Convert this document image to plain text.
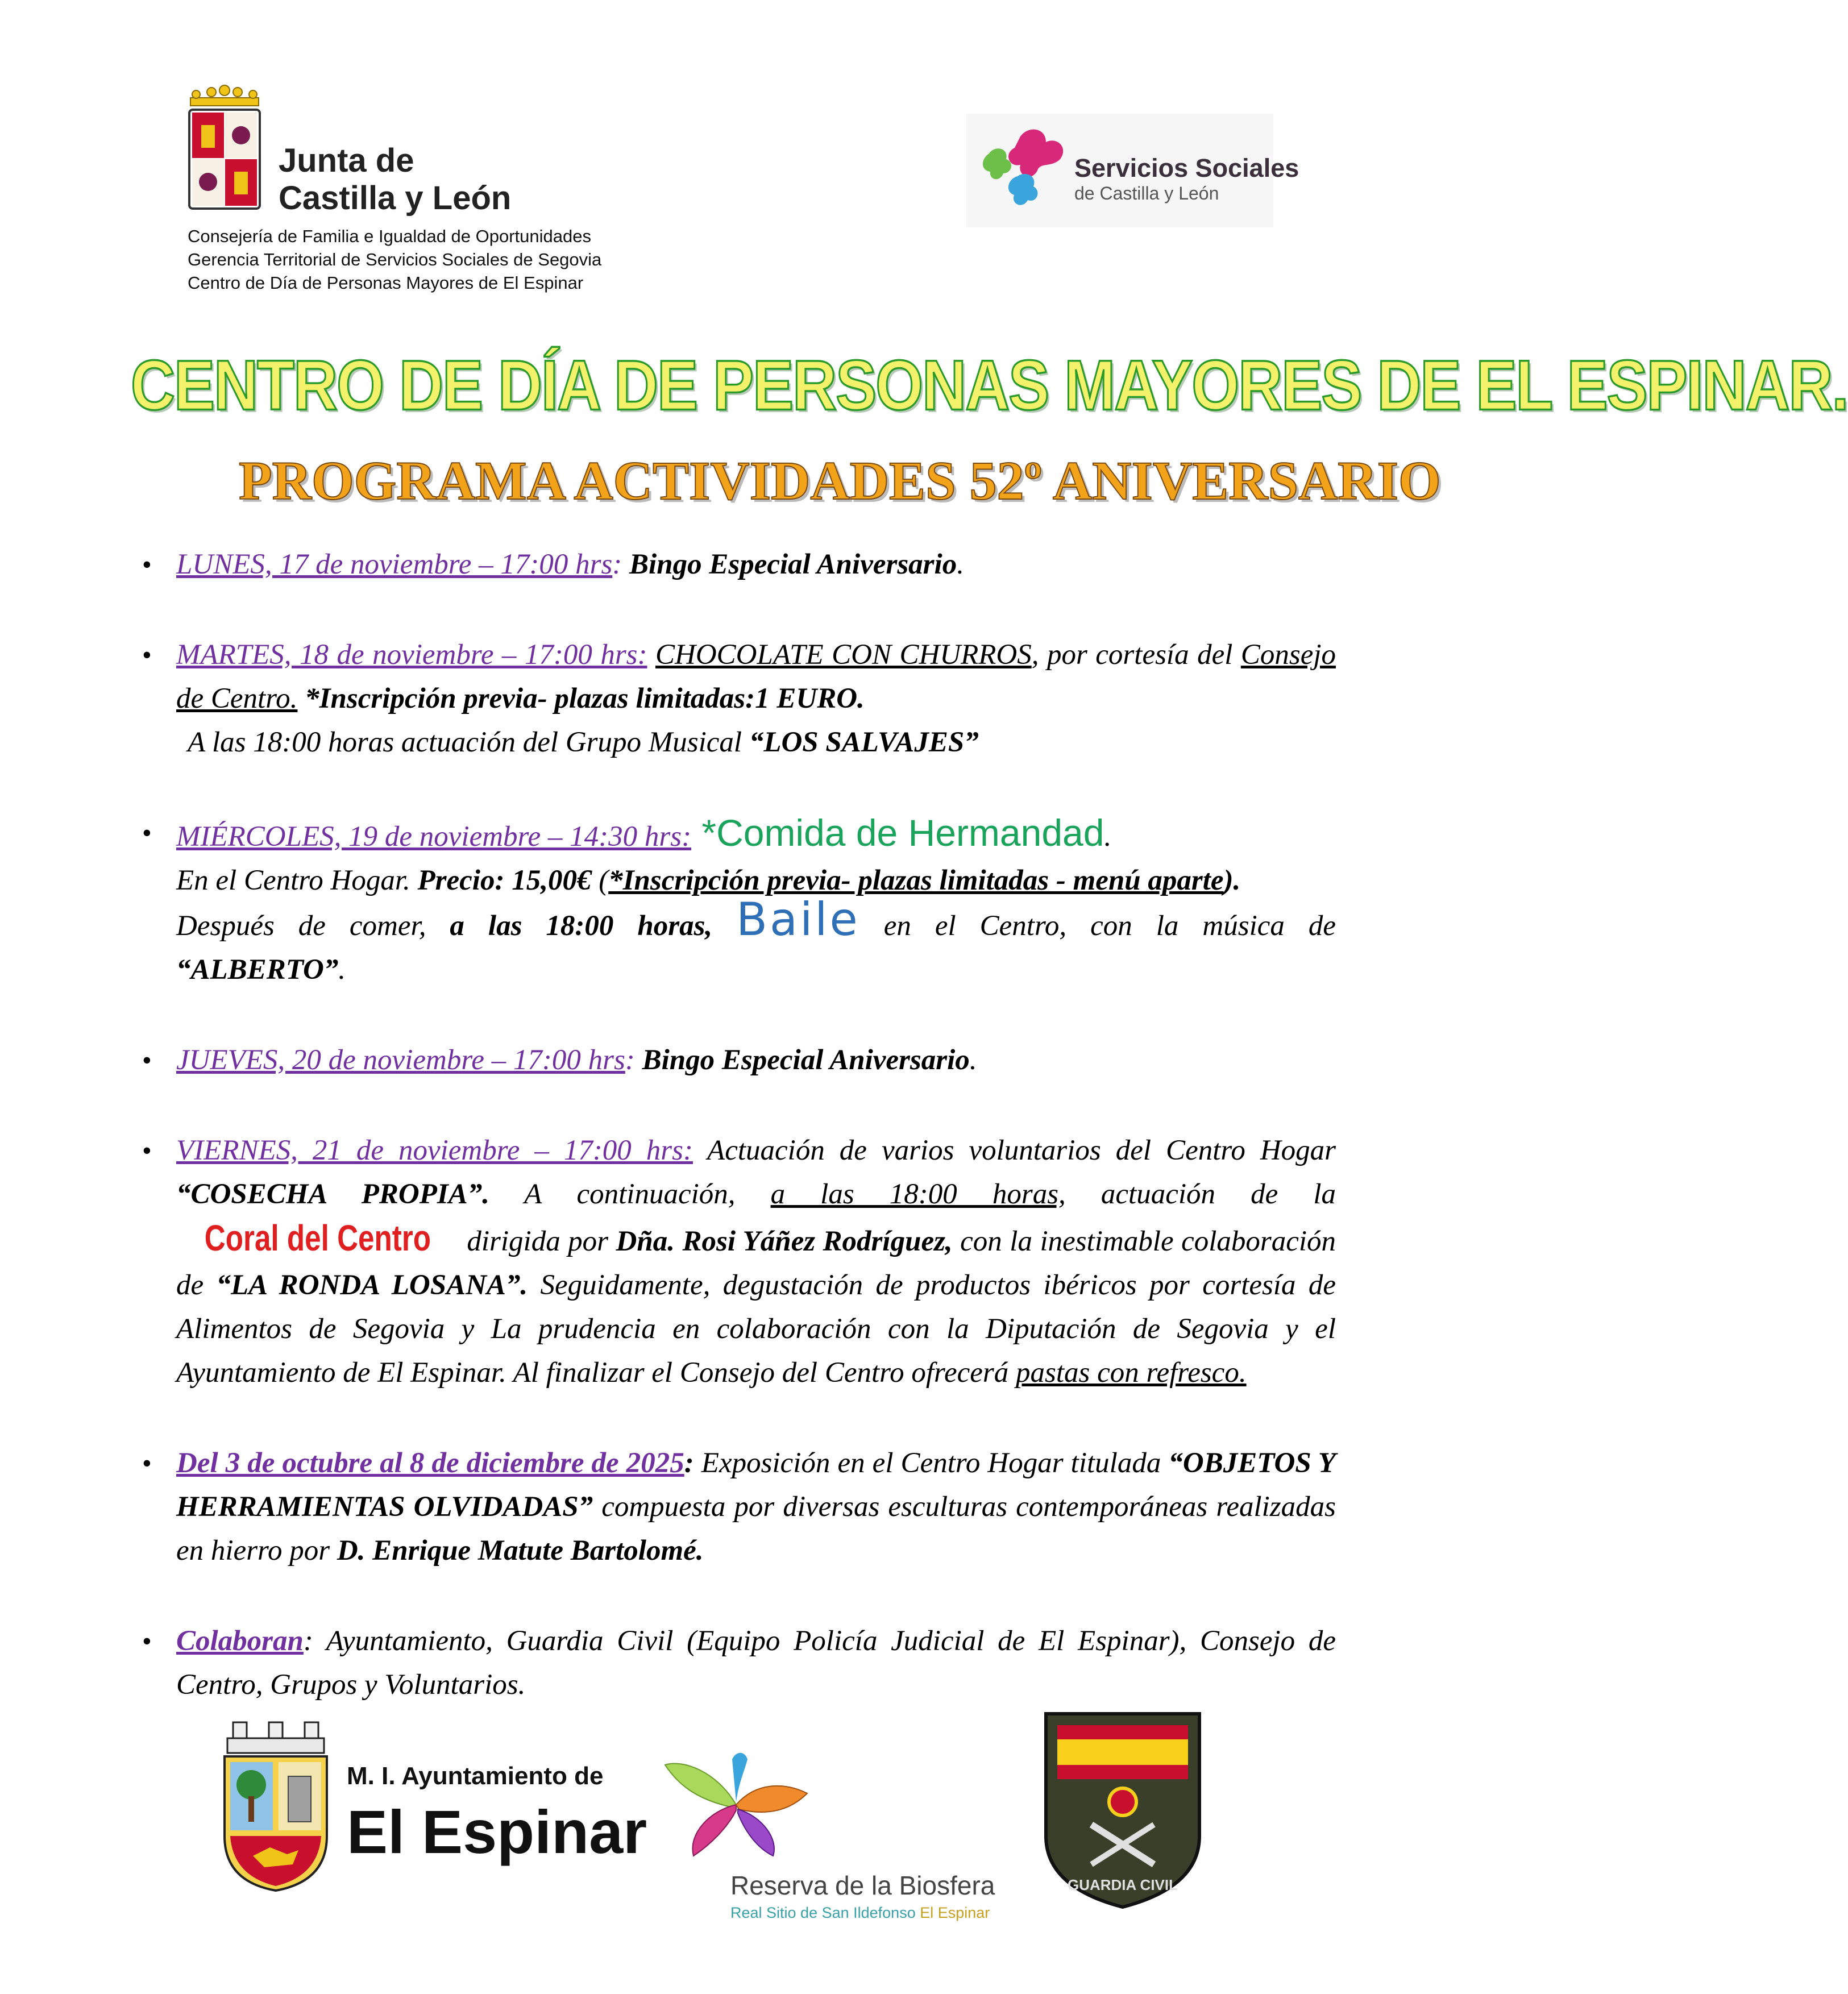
Junta de
Castilla y León
Consejería de Familia e Igualdad de Oportunidades
Gerencia Territorial de Servicios Sociales de Segovia
Centro de Día de Personas Mayores de El Espinar
Servicios Sociales
de Castilla y León
CENTRO DE DÍA DE PERSONAS MAYORES DE EL ESPINAR.
PROGRAMA ACTIVIDADES 52º ANIVERSARIO
• LUNES, 17 de noviembre – 17:00 hrs: Bingo Especial Aniversario.
• MARTES, 18 de noviembre – 17:00 hrs: CHOCOLATE CON CHURROS, por cortesía del Consejo de Centro. *Inscripción previa- plazas limitadas:1 EURO.
A las 18:00 horas actuación del Grupo Musical “LOS SALVAJES”
• MIÉRCOLES, 19 de noviembre – 14:30 hrs: *Comida de Hermandad.
En el Centro Hogar. Precio: 15,00€ (*Inscripción previa- plazas limitadas - menú aparte).
Después de comer, a las 18:00 horas, Baile en el Centro, con la música de
“ALBERTO”.
• JUEVES, 20 de noviembre – 17:00 hrs: Bingo Especial Aniversario.
• VIERNES, 21 de noviembre – 17:00 hrs: Actuación de varios voluntarios del Centro Hogar “COSECHA PROPIA”. A continuación, a las 18:00 horas, actuación de la Coral del Centro dirigida por Dña. Rosi Yáñez Rodríguez, con la inestimable colaboración de “LA RONDA LOSANA”. Seguidamente, degustación de productos ibéricos por cortesía de Alimentos de Segovia y La prudencia en colaboración con la Diputación de Segovia y el Ayuntamiento de El Espinar. Al finalizar el Consejo del Centro ofrecerá pastas con refresco.
• Del 3 de octubre al 8 de diciembre de 2025: Exposición en el Centro Hogar titulada “OBJETOS Y HERRAMIENTAS OLVIDADAS” compuesta por diversas esculturas contemporáneas realizadas en hierro por D. Enrique Matute Bartolomé.
• Colaboran: Ayuntamiento, Guardia Civil (Equipo Policía Judicial de El Espinar), Consejo de Centro, Grupos y Voluntarios.
M. I. Ayuntamiento de
El Espinar
Reserva de la Biosfera
Real Sitio de San Ildefonso El Espinar
GUARDIA CIVIL
